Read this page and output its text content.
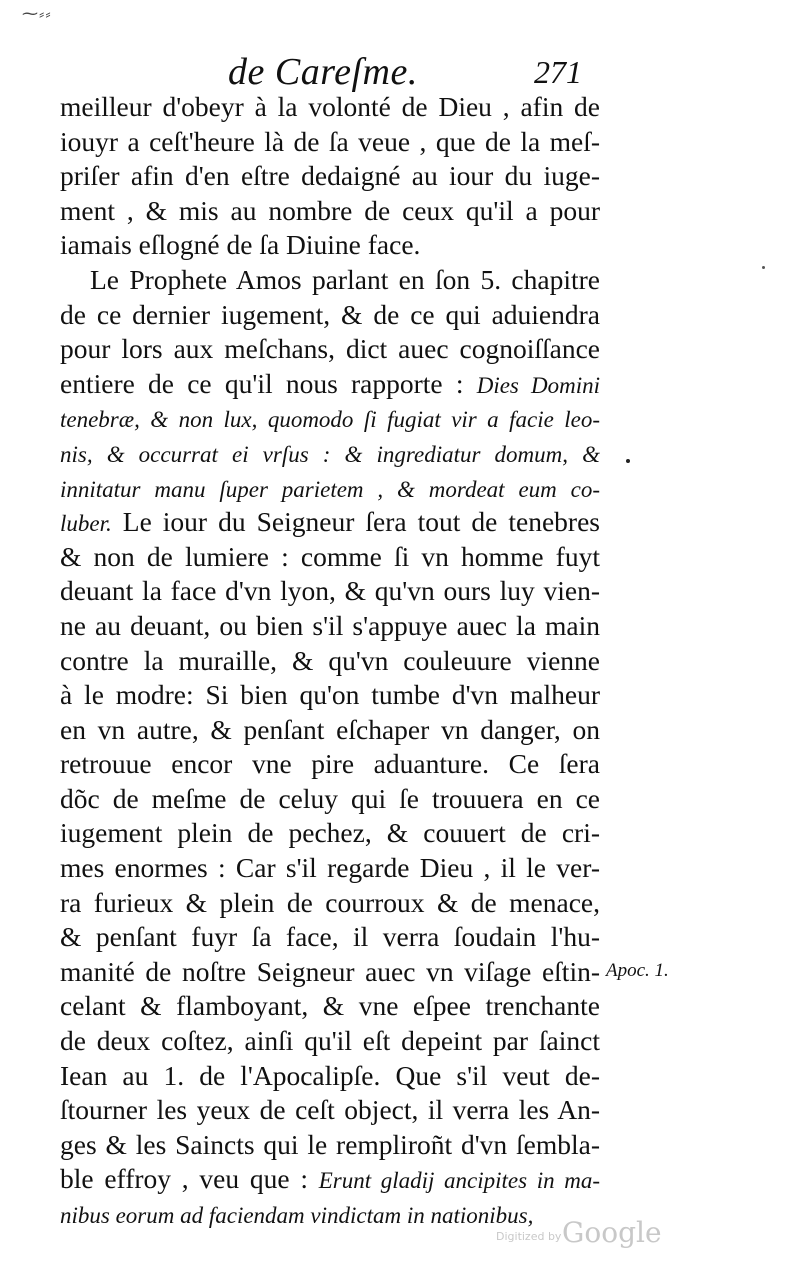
⁓⸗⸗
de Careſme.	271
meilleur d'obeyr à la volonté de Dieu , afin de
iouyr a ceſt'heure là de ſa veue , que de la meſ-
priſer afin d'en eſtre dedaigné au iour du iuge-
ment , & mis au nombre de ceux qu'il a pour
iamais eſlogné de ſa Diuine face.
Le Prophete Amos parlant en ſon 5. chapitre
de ce dernier iugement, & de ce qui aduiendra
pour lors aux meſchans, dict auec cognoiſſance
entiere de ce qu'il nous rapporte : Dies Domini
tenebræ, & non lux, quomodo ſi fugiat vir a facie leo-
nis, & occurrat ei vrſus : & ingrediatur domum, &
innitatur manu ſuper parietem , & mordeat eum co-
luber. Le iour du Seigneur ſera tout de tenebres
& non de lumiere : comme ſi vn homme fuyt
deuant la face d'vn lyon, & qu'vn ours luy vien-
ne au deuant, ou bien s'il s'appuye auec la main
contre la muraille, & qu'vn couleuure vienne
à le modre: Si bien qu'on tumbe d'vn malheur
en vn autre, & penſant eſchaper vn danger, on
retrouue encor vne pire aduanture. Ce ſera
dõc de meſme de celuy qui ſe trouuera en ce
iugement plein de pechez, & couuert de cri-
mes enormes : Car s'il regarde Dieu , il le ver-
ra furieux & plein de courroux & de menace,
& penſant fuyr ſa face, il verra ſoudain l'hu-
manité de noſtre Seigneur auec vn viſage eſtin-
celant & flamboyant, & vne eſpee trenchante
de deux coſtez, ainſi qu'il eſt depeint par ſainct
Iean au 1. de l'Apocalipſe. Que s'il veut de-
ſtourner les yeux de ceſt object, il verra les An-
ges & les Saincts qui le rempliroñt d'vn ſembla-
ble effroy , veu que : Erunt gladij ancipites in ma-
nibus eorum ad faciendam vindictam in nationibus,
Apoc. 1.
Digitized by Google
